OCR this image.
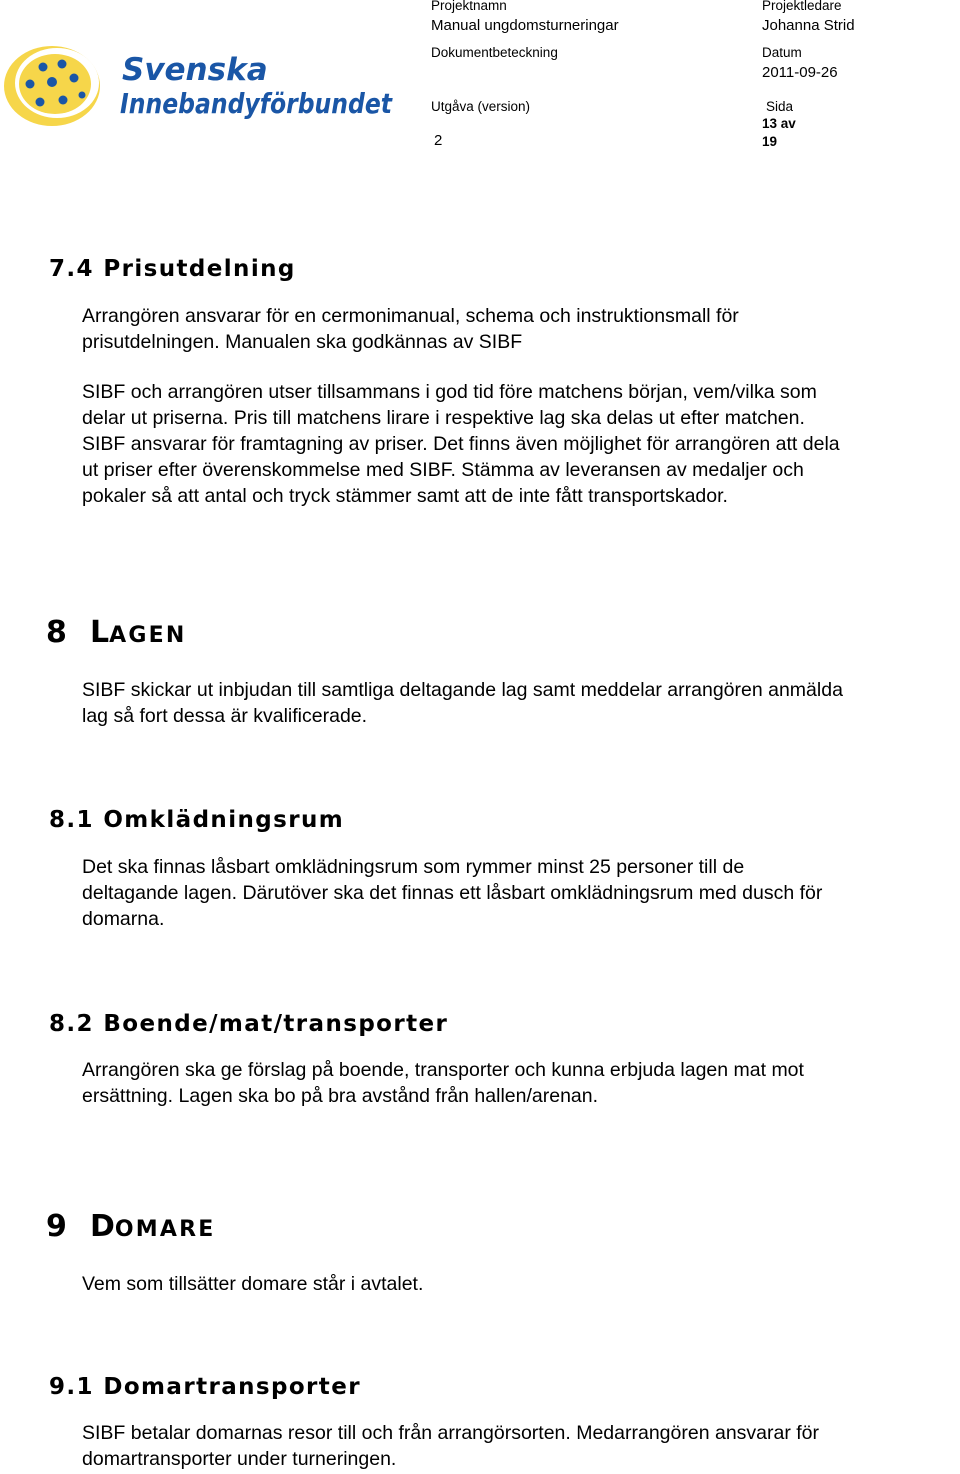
Svenska
Innebandyförbundet
Projektnamn
Manual ungdomsturneringar
Projektledare
Johanna Strid
Dokumentbeteckning	Datum
2011-09-26
Utgåva (version)
2
Sida
13 av
19
7.4 Prisutdelning
Arrangören ansvarar för en cermonimanual, schema och instruktionsmall för
prisutdelningen. Manualen ska godkännas av SIBF
SIBF och arrangören utser tillsammans i god tid före matchens början, vem/vilka som
delar ut priserna. Pris till matchens lirare i respektive lag ska delas ut efter matchen.
SIBF ansvarar för framtagning av priser. Det finns även möjlighet för arrangören att dela
ut priser efter överenskommelse med SIBF. Stämma av leveransen av medaljer och
pokaler så att antal och tryck stämmer samt att de inte fått transportskador.
8 LAGEN
SIBF skickar ut inbjudan till samtliga deltagande lag samt meddelar arrangören anmälda
lag så fort dessa är kvalificerade.
8.1 Omklädningsrum
Det ska finnas låsbart omklädningsrum som rymmer minst 25 personer till de
deltagande lagen. Därutöver ska det finnas ett låsbart omklädningsrum med dusch för
domarna.
8.2 Boende/mat/transporter
Arrangören ska ge förslag på boende, transporter och kunna erbjuda lagen mat mot
ersättning. Lagen ska bo på bra avstånd från hallen/arenan.
9 DOMARE
Vem som tillsätter domare står i avtalet.
9.1 Domartransporter
SIBF betalar domarnas resor till och från arrangörsorten. Medarrangören ansvarar för
domartransporter under turneringen.
